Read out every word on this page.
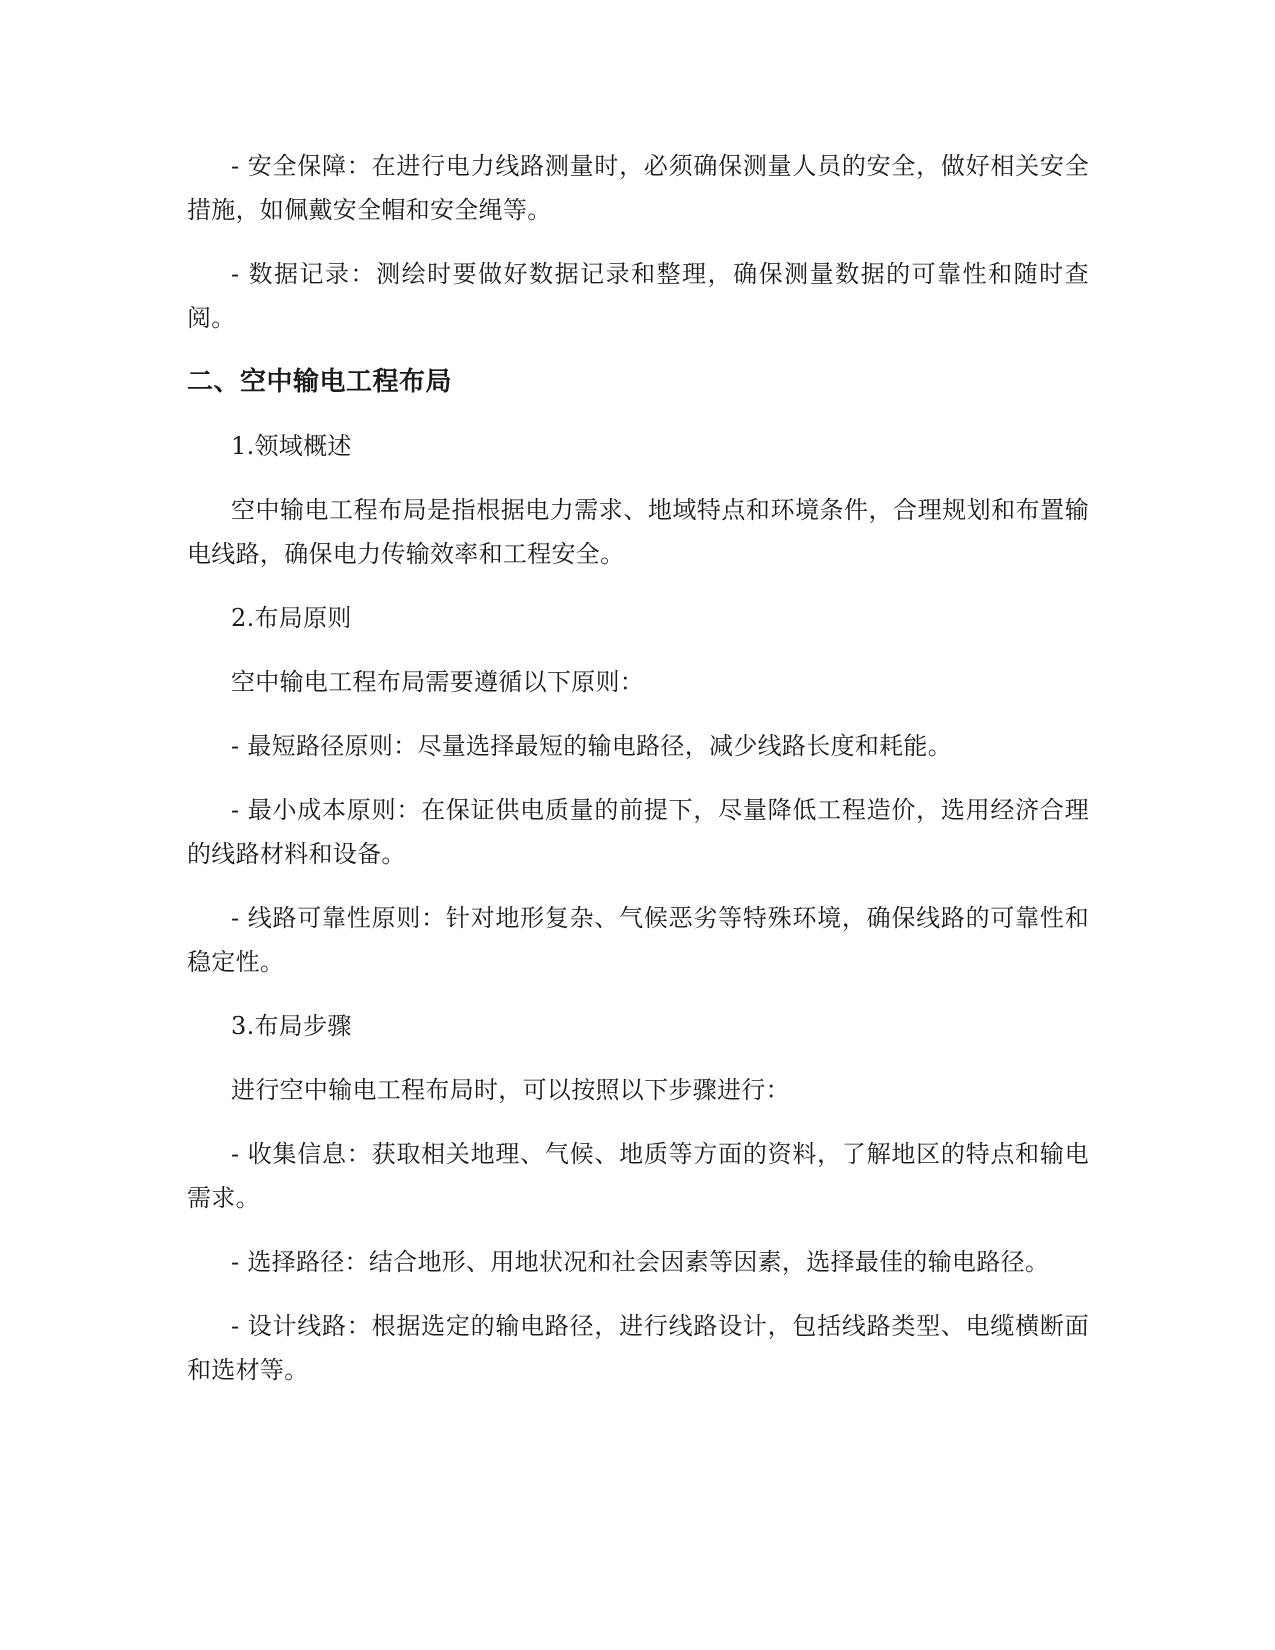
- 安全保障：在进行电力线路测量时，必须确保测量人员的安全，做好相关安全措施，如佩戴安全帽和安全绳等。

- 数据记录：测绘时要做好数据记录和整理，确保测量数据的可靠性和随时查阅。

二、空中输电工程布局

1.领域概述

空中输电工程布局是指根据电力需求、地域特点和环境条件，合理规划和布置输电线路，确保电力传输效率和工程安全。

2.布局原则

空中输电工程布局需要遵循以下原则：

- 最短路径原则：尽量选择最短的输电路径，减少线路长度和耗能。

- 最小成本原则：在保证供电质量的前提下，尽量降低工程造价，选用经济合理的线路材料和设备。

- 线路可靠性原则：针对地形复杂、气候恶劣等特殊环境，确保线路的可靠性和稳定性。

3.布局步骤

进行空中输电工程布局时，可以按照以下步骤进行：

- 收集信息：获取相关地理、气候、地质等方面的资料，了解地区的特点和输电需求。

- 选择路径：结合地形、用地状况和社会因素等因素，选择最佳的输电路径。

- 设计线路：根据选定的输电路径，进行线路设计，包括线路类型、电缆横断面和选材等。
